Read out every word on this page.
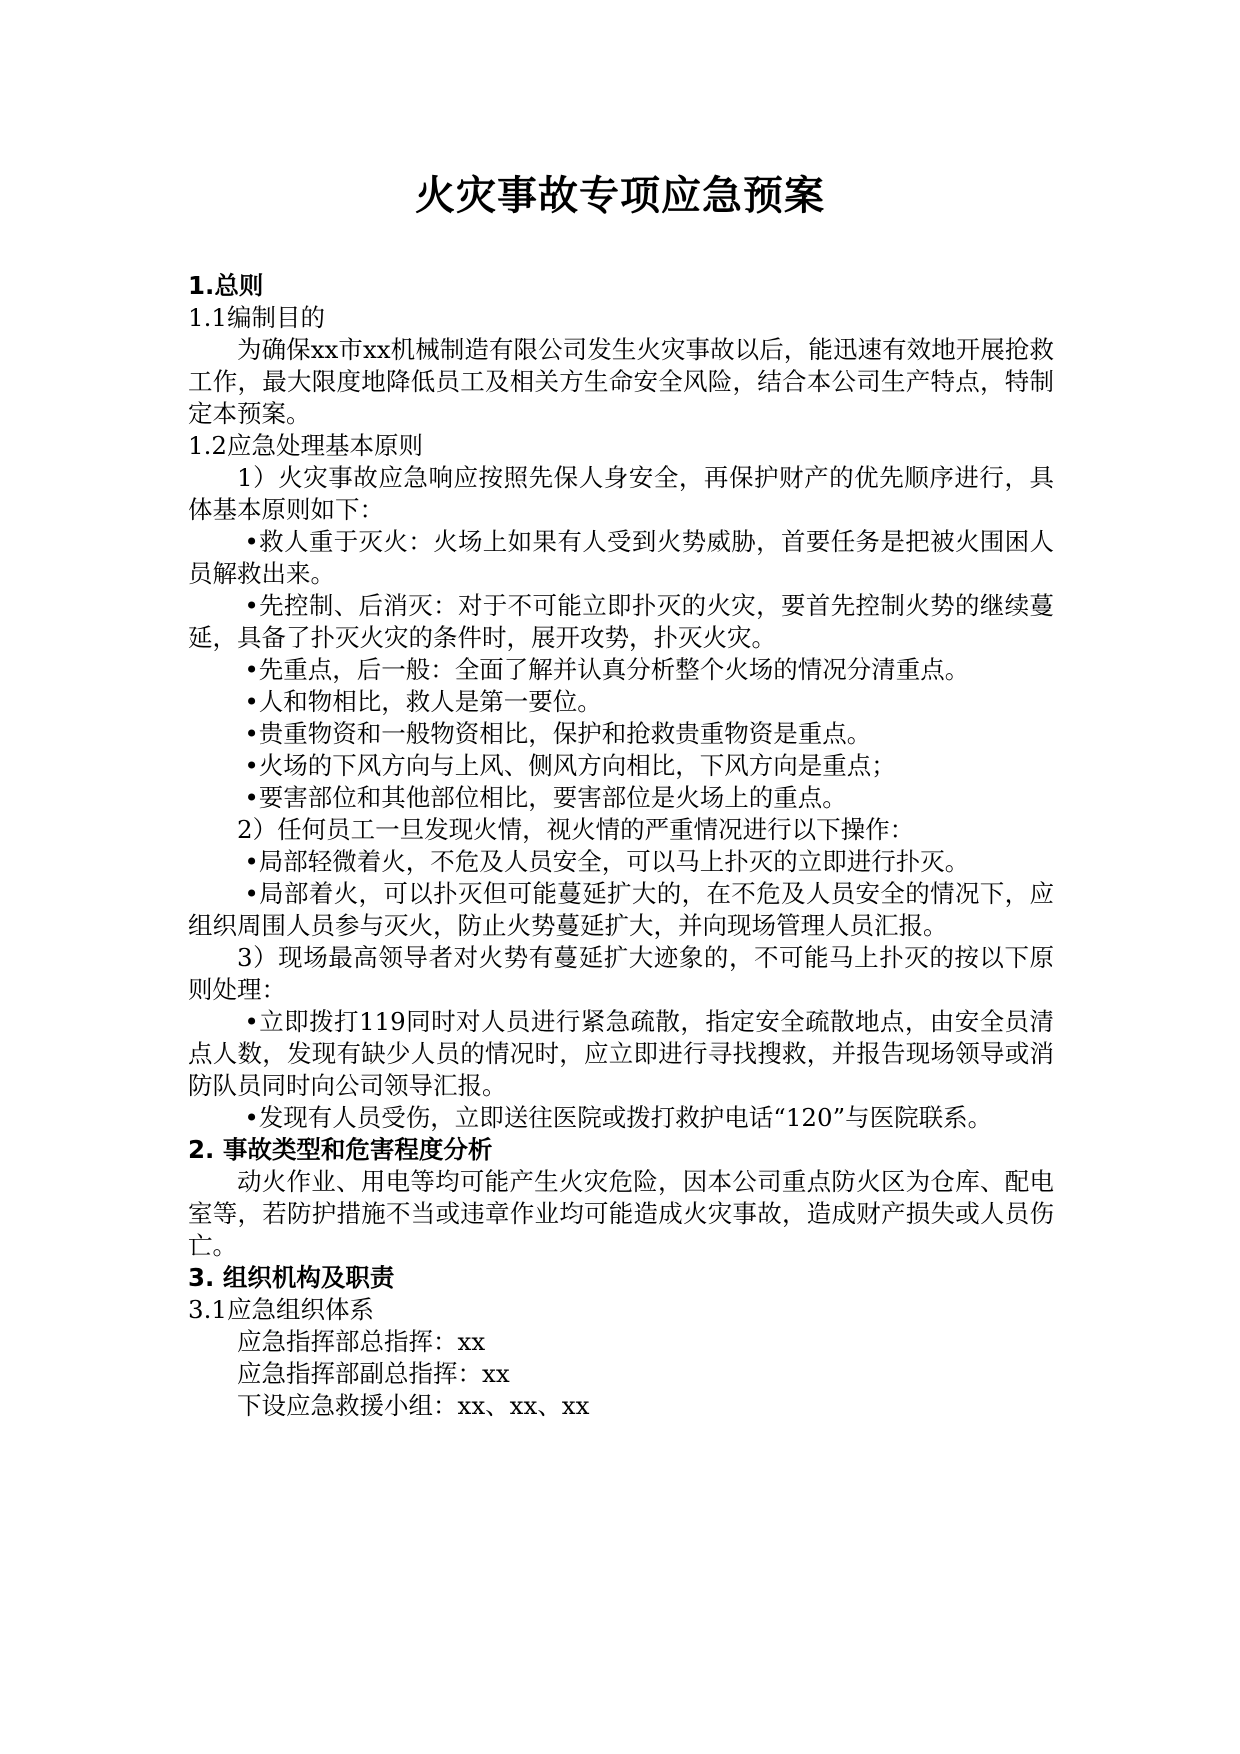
火灾事故专项应急预案

1.总则

1.1编制目的

为确保xx市xx机械制造有限公司发生火灾事故以后，能迅速有效地开展抢救工作，最大限度地降低员工及相关方生命安全风险，结合本公司生产特点，特制定本预案。

1.2应急处理基本原则

1）火灾事故应急响应按照先保人身安全，再保护财产的优先顺序进行，具体基本原则如下：

•救人重于灭火：火场上如果有人受到火势威胁，首要任务是把被火围困人员解救出来。

•先控制、后消灭：对于不可能立即扑灭的火灾，要首先控制火势的继续蔓延，具备了扑灭火灾的条件时，展开攻势，扑灭火灾。

•先重点，后一般：全面了解并认真分析整个火场的情况分清重点。

•人和物相比，救人是第一要位。

•贵重物资和一般物资相比，保护和抢救贵重物资是重点。

•火场的下风方向与上风、侧风方向相比，下风方向是重点；

•要害部位和其他部位相比，要害部位是火场上的重点。

2）任何员工一旦发现火情，视火情的严重情况进行以下操作：

•局部轻微着火，不危及人员安全，可以马上扑灭的立即进行扑灭。

•局部着火，可以扑灭但可能蔓延扩大的，在不危及人员安全的情况下，应组织周围人员参与灭火，防止火势蔓延扩大，并向现场管理人员汇报。

3）现场最高领导者对火势有蔓延扩大迹象的，不可能马上扑灭的按以下原则处理：

•立即拨打119同时对人员进行紧急疏散，指定安全疏散地点，由安全员清点人数，发现有缺少人员的情况时，应立即进行寻找搜救，并报告现场领导或消防队员同时向公司领导汇报。

•发现有人员受伤，立即送往医院或拨打救护电话“120”与医院联系。

2. 事故类型和危害程度分析

动火作业、用电等均可能产生火灾危险，因本公司重点防火区为仓库、配电室等，若防护措施不当或违章作业均可能造成火灾事故，造成财产损失或人员伤亡。

3. 组织机构及职责

3.1应急组织体系

应急指挥部总指挥：xx

应急指挥部副总指挥：xx

下设应急救援小组：xx、xx、xx
